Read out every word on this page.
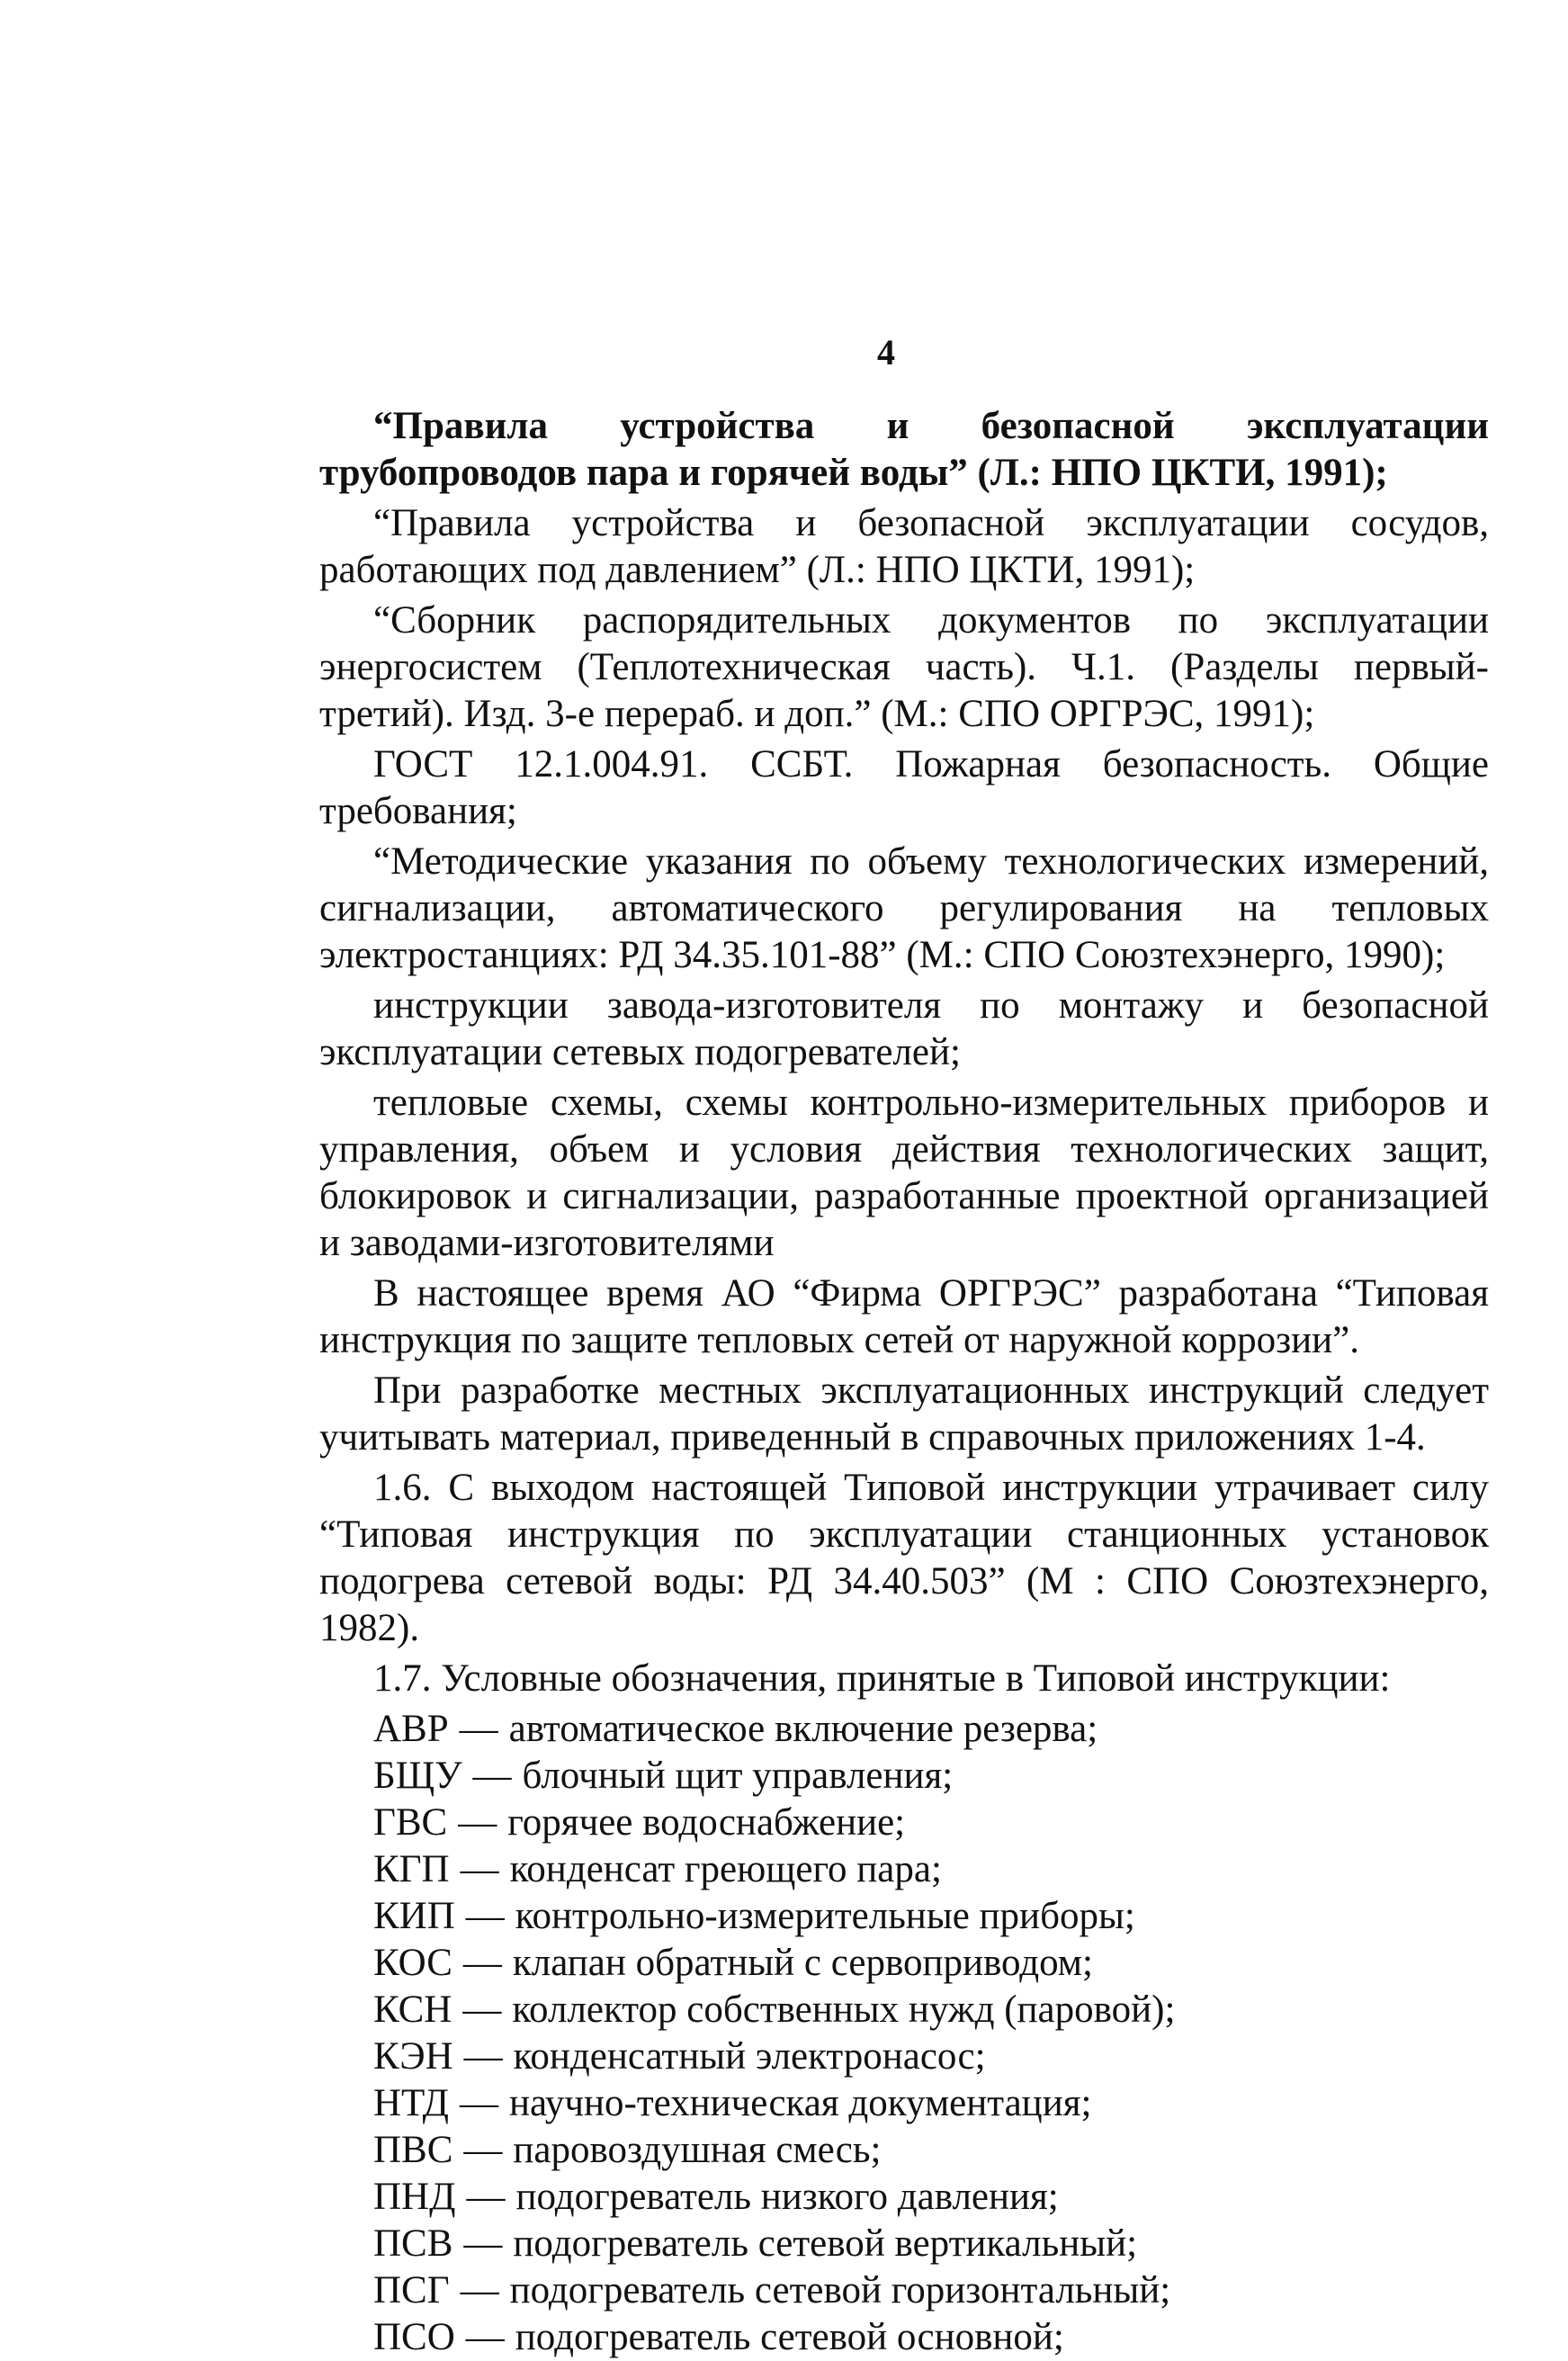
4

“Правила устройства и безопасной эксплуатации трубопроводов пара и горячей воды” (Л.: НПО ЦКТИ, 1991);

“Правила устройства и безопасной эксплуатации сосудов, работающих под давлением” (Л.: НПО ЦКТИ, 1991);

“Сборник распорядительных документов по эксплуатации энергосистем (Теплотехническая часть). Ч.1. (Разделы первый-третий). Изд. 3-е перераб. и доп.” (М.: СПО ОРГРЭС, 1991);

ГОСТ 12.1.004.91. ССБТ. Пожарная безопасность. Общие требования;

“Методические указания по объему технологических измерений, сигнализации, автоматического регулирования на тепловых электростанциях: РД 34.35.101-88” (М.: СПО Союзтехэнерго, 1990);

инструкции завода-изготовителя по монтажу и безопасной эксплуатации сетевых подогревателей;

тепловые схемы, схемы контрольно-измерительных приборов и управления, объем и условия действия технологических защит, блокировок и сигнализации, разработанные проектной организацией и заводами-изготовителями

В настоящее время АО “Фирма ОРГРЭС” разработана “Типовая инструкция по защите тепловых сетей от наружной коррозии”.

При разработке местных эксплуатационных инструкций следует учитывать материал, приведенный в справочных приложениях 1-4.

1.6. С выходом настоящей Типовой инструкции утрачивает силу “Типовая инструкция по эксплуатации станционных установок подогрева сетевой воды: РД 34.40.503” (М : СПО Союзтехэнерго, 1982).

1.7. Условные обозначения, принятые в Типовой инструкции:

АВР — автоматическое включение резерва;
БЩУ — блочный щит управления;
ГВС — горячее водоснабжение;
КГП — конденсат греющего пара;
КИП — контрольно-измерительные приборы;
КОС — клапан обратный с сервоприводом;
КСН — коллектор собственных нужд (паровой);
КЭН — конденсатный электронасос;
НТД — научно-техническая документация;
ПВС — паровоздушная смесь;
ПНД — подогреватель низкого давления;
ПСВ — подогреватель сетевой вертикальный;
ПСГ — подогреватель сетевой горизонтальный;
ПСО — подогреватель сетевой основной;
